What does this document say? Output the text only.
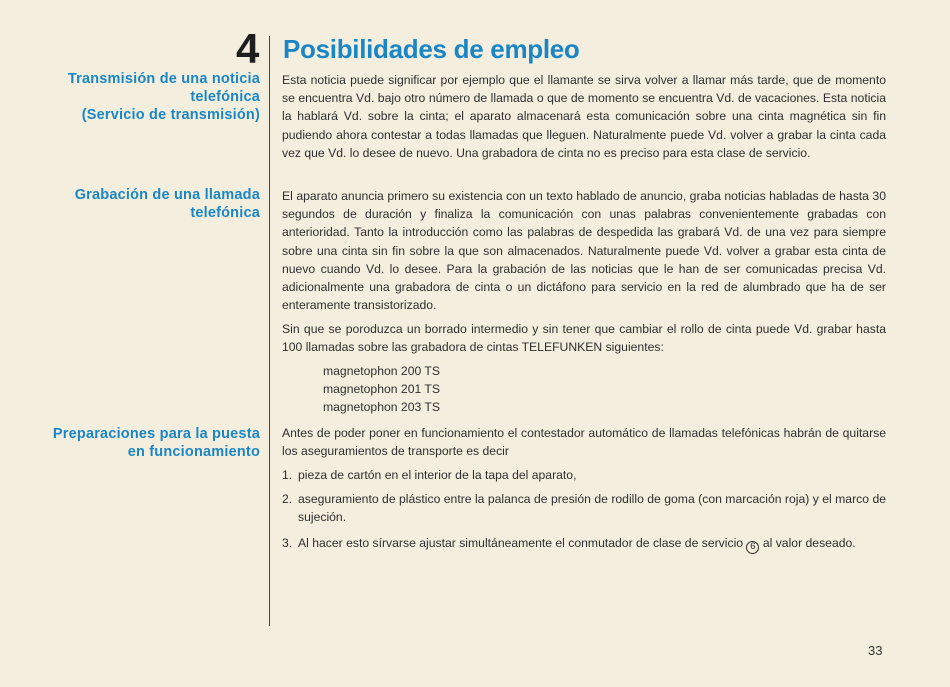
4 Posibilidades de empleo
Transmisión de una noticia
telefónica
(Servicio de transmisión)
Grabación de una llamada
telefónica
Preparaciones para la puesta
en funcionamiento

Esta noticia puede significar por ejemplo que el llamante se sirva volver a llamar más tarde, que de momento se encuentra Vd. bajo otro número de llamada o que de momento se encuentra Vd. de vacaciones. Esta noticia la hablará Vd. sobre la cinta; el aparato almacenará esta comunicación sobre una cinta magnética sin fin pudiendo ahora contestar a todas llamadas que lleguen. Naturalmente puede Vd. volver a grabar la cinta cada vez que Vd. lo desee de nuevo. Una grabadora de cinta no es preciso para esta clase de servicio.

El aparato anuncia primero su existencia con un texto hablado de anuncio, graba noticias habladas de hasta 30 segundos de duración y finaliza la comunicación con unas palabras convenientemente grabadas con anterioridad. Tanto la introducción como las palabras de despedida las grabará Vd. de una vez para siempre sobre una cinta sin fin sobre la que son almacenados. Naturalmente puede Vd. volver a grabar esta cinta de nuevo cuando Vd. lo desee. Para la grabación de las noticias que le han de ser comunicadas precisa Vd. adicionalmente una grabadora de cinta o un dictáfono para servicio en la red de alumbrado que ha de ser enteramente transistorizado.

Sin que se poroduzca un borrado intermedio y sin tener que cambiar el rollo de cinta puede Vd. grabar hasta 100 llamadas sobre las grabadora de cintas TELEFUNKEN siguientes:

magnetophon 200 TS
magnetophon 201 TS
magnetophon 203 TS

Antes de poder poner en funcionamiento el contestador automático de llamadas telefónicas habrán de quitarse los aseguramientos de transporte es decir

1. pieza de cartón en el interior de la tapa del aparato,
2. aseguramiento de plástico entre la palanca de presión de rodillo de goma (con marcación roja) y el marco de sujeción.
3. Al hacer esto sírvarse ajustar simultáneamente el conmutador de clase de servicio 6 al valor deseado.
33
